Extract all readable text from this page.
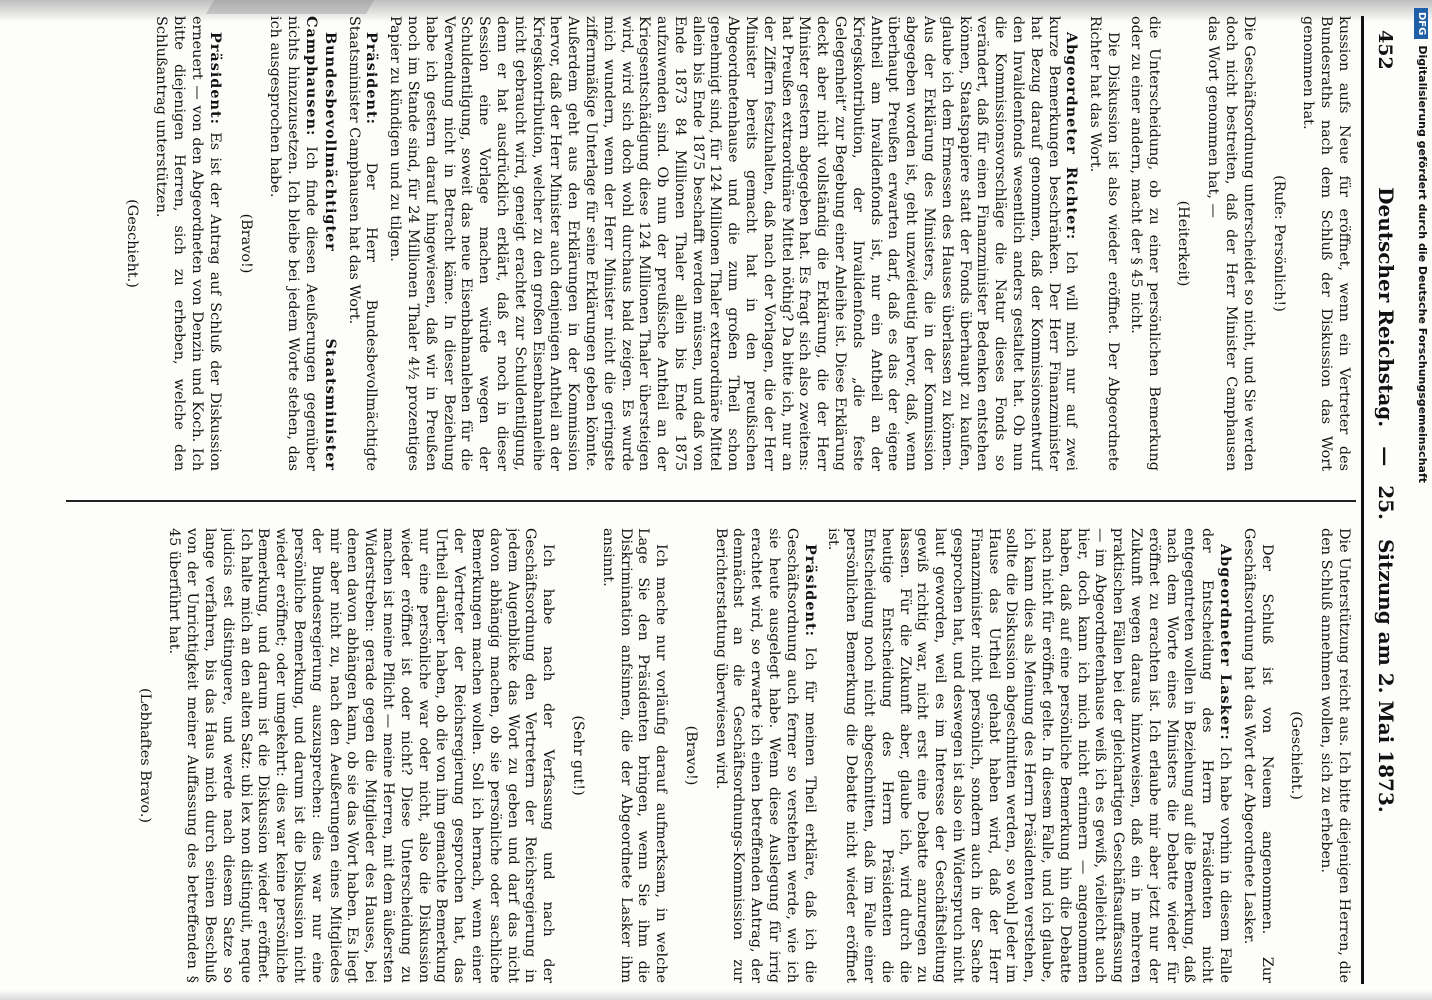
452
Deutscher Reichstag. — 25. Sitzung am 2. Mai 1873.

kussion aufs Neue für eröffnet, wenn ein Vertreter des Bundesraths nach dem Schluß der Diskussion das Wort genommen hat.

(Rufe: Persönlich!)

Die Geschäftsordnung unterscheidet so nicht, und Sie werden doch nicht bestreiten, daß der Herr Minister Camphausen das Wort genommen hat, —

(Heiterkeit)

die Unterscheidung, ob zu einer persönlichen Bemerkung oder zu einer andern, macht der § 45 nicht.

Die Diskussion ist also wieder eröffnet. Der Abgeordnete Richter hat das Wort.

Abgeordneter Richter: Ich will mich nur auf zwei kurze Bemerkungen beschränken. Der Herr Finanzminister hat Bezug darauf genommen, daß der Kommissionsentwurf den Invalidenfonds wesentlich anders gestaltet hat. Ob nun die Kommissionsvorschläge die Natur dieses Fonds so verändert, daß für einen Finanzminister Bedenken entstehen können, Staatspapiere statt der Fonds überhaupt zu kaufen, glaube ich dem Ermessen des Hauses überlassen zu können. Aus der Erklärung des Ministers, die in der Kommission abgegeben worden ist, geht unzweideutig hervor, daß, wenn überhaupt Preußen erwarten darf, daß es das der eigene Antheil am Invalidenfonds ist, nur ein Antheil an der Kriegskontribution, der Invalidenfonds „die feste Gelegenheit“ zur Begebung einer Anleihe ist. Diese Erklärung deckt aber nicht vollständig die Erklärung, die der Herr Minister gestern abgegeben hat. Es fragt sich also zweitens: hat Preußen extraordinäre Mittel nöthig? Da bitte ich, nur an der Ziffern festzuhalten, daß nach der Vorlagen, die der Herr Minister bereits gemacht hat in den preußischen Abgeordnetenhause und die zum großen Theil schon genehmigt sind, für 124 Millionen Thaler extraordinäre Mittel allein bis Ende 1875 beschafft werden müssen, und daß von Ende 1873 84 Millionen Thaler allein bis Ende 1875 aufzuwenden sind. Ob nun der preußische Antheil an der Kriegsentschädigung diese 124 Millionen Thaler übersteigen wird, wird sich doch wohl durchaus bald zeigen. Es wurde mich wundern, wenn der Herr Minister nicht die geringste ziffernmäßige Unterlage für seine Erklärungen geben könnte. Außerdem geht aus den Erklärungen in der Kommission hervor, daß der Herr Minister auch denjenigen Antheil an der Kriegskontribution, welcher zu den großen Eisenbahnanleihe nicht gebraucht wird, geneigt erachtet zur Schuldentilgung, denn er hat ausdrücklich erklärt, daß er noch in dieser Session eine Vorlage machen würde wegen der Schuldentilgung, soweit das neue Eisenbahnanlehen für die Verwendung nicht in Betracht käme. In dieser Beziehung habe ich gestern darauf hingewiesen, daß wir in Preußen noch im Stande sind, für 24 Millionen Thaler 4½ prozentiges Papier zu kündigen und zu tilgen.

Präsident: Der Herr Bundesbevollmächtigte Staatsminister Camphausen hat das Wort.

Bundesbevollmächtigter Staatsminister Camphausen: Ich finde diesen Aeußerungen gegenüber nichts hinzuzusetzen. Ich bleibe bei jedem Worte stehen, das ich ausgesprochen habe.

(Bravo!)

Präsident: Es ist der Antrag auf Schluß der Diskussion erneuert — von den Abgeordneten von Denzin und Koch. Ich bitte diejenigen Herren, sich zu erheben, welche den Schlußantrag unterstützen.

(Geschieht.)

Die Unterstützung reicht aus. Ich bitte diejenigen Herren, die den Schluß annehmen wollen, sich zu erheben.

(Geschieht.)

Der Schluß ist von Neuem angenommen. Zur Geschäftsordnung hat das Wort der Abgeordnete Lasker.

Abgeordneter Lasker: Ich habe vorhin in diesem Falle der Entscheidung des Herrn Präsidenten nicht entgegentreten wollen in Beziehung auf die Bemerkung, daß nach dem Worte eines Ministers die Debatte wieder für eröffnet zu erachten ist. Ich erlaube mir aber jetzt nur der Zukunft wegen daraus hinzuweisen, daß ein in mehreren praktischen Fällen bei der gleichartigen Geschäftsauffassung — im Abgeordnetenhause weiß ich es gewiß, vielleicht auch hier, doch kann ich mich nicht erinnern — angenommen haben, daß auf eine persönliche Bemerkung hin die Debatte nach nicht für eröffnet gelte. In diesem Falle, und ich glaube, ich kann dies als Meinung des Herrn Präsidenten verstehen, sollte die Diskussion abgeschnitten werden, so wohl Jeder im Hause das Urtheil gehabt haben wird, daß der Herr Finanzminister nicht persönlich, sondern auch in der Sache gesprochen hat, und deswegen ist also ein Widerspruch nicht laut geworden, weil es im Interesse der Geschäftsleitung gewiß richtig war, nicht erst eine Debatte anzuregen zu lassen. Für die Zukunft aber, glaube ich, wird durch die heutige Entscheidung des Herrn Präsidenten die Entscheidung noch nicht abgeschnitten, daß im Falle einer persönlichen Bemerkung die Debatte nicht wieder eröffnet ist.

Präsident: Ich für meinen Theil erkläre, daß ich die Geschäftsordnung auch ferner so verstehen werde, wie ich sie heute ausgelegt habe. Wenn diese Auslegung für irrig erachtet wird, so erwarte ich einen betreffenden Antrag, der demnächst an die Geschäftsordnungs-Kommission zur Berichterstattung überwiesen wird.

(Bravo!)

Ich mache nur vorläufig darauf aufmerksam, in welche Lage Sie den Präsidenten bringen, wenn Sie ihm die Diskrimination anfsinnen, die der Abgeordnete Lasker ihm ansinnt.

(Sehr gut!)

Ich habe nach der Verfassung und nach der Geschäftsordnung den Vertretern der Reichsregierung in jedem Augenblicke das Wort zu geben und darf das nicht davon abhängig machen, ob sie persönliche oder sachliche Bemerkungen machen wollen. Soll ich hernach, wenn einer der Vertreter der Reichsregierung gesprochen hat, das Urtheil darüber haben, ob die von ihm gemachte Bemerkung nur eine persönliche war oder nicht, also die Diskussion wieder eröffnet ist oder nicht? Diese Unterscheidung zu machen ist meine Pflicht — meine Herren, mit dem äußersten Widerstreben: gerade gegen die Mitglieder des Hauses, bei denen davon abhängen kann, ob sie das Wort haben. Es liegt mir aber nicht zu, nach den Aeußerungen eines Mitgliedes der Bundesregierung auszusprechen: dies war nur eine persönliche Bemerkung, und darum ist die Diskussion nicht wieder eröffnet; oder umgekehrt: dies war keine persönliche Bemerkung, und darum ist die Diskussion wieder eröffnet. Ich halte mich an den alten Satz: ubi lex non distinguit, neque judicis est distinguere, und werde nach diesem Satze so lange verfahren, bis das Haus mich durch seinen Beschluß von der Unrichtigkeit meiner Auffassung des betreffenden § 45 überführt hat.

(Lebhaftes Bravo.)

DFGDigitalisierung gefördert durch die Deutsche Forschungsgemeinschaft
